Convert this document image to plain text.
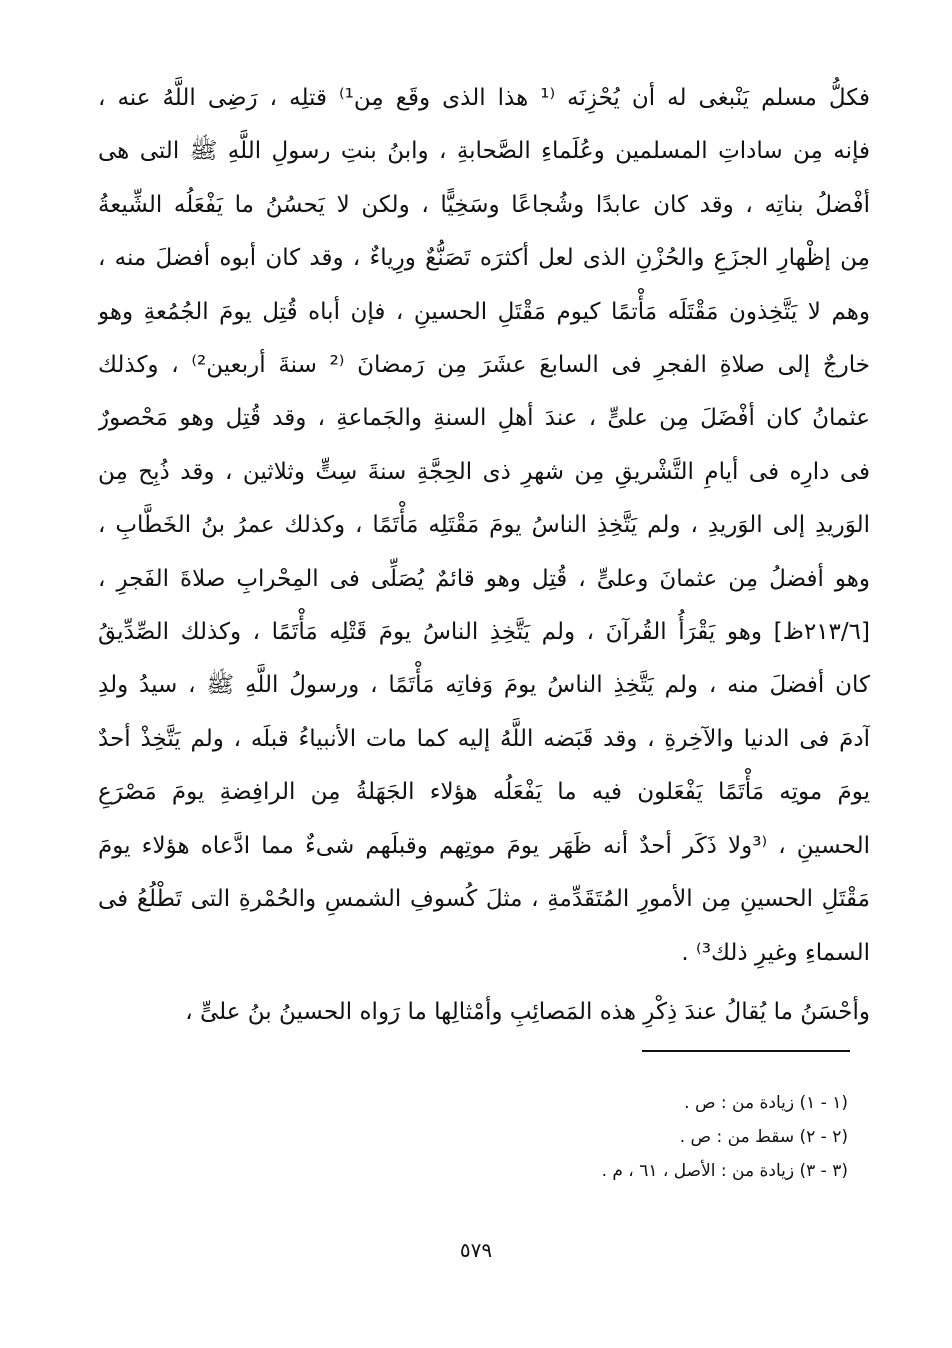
فكلُّ مسلم يَنْبغى له أن يُحْزِنَه ⁽¹ هذا الذى وقَع مِن¹⁾ قتلِه ، رَضِى اللَّهُ عنه ،
فإنه مِن ساداتِ المسلمين وعُلَماءِ الصَّحابةِ ، وابنُ بنتِ رسولِ اللَّهِ ﷺ التى هى
أفْضلُ بناتِه ، وقد كان عابدًا وشُجاعًا وسَخِيًّا ، ولكن لا يَحسُنُ ما يَفْعَلُه الشِّيعةُ
مِن إظْهارِ الجزَعِ والحُزْنِ الذى لعل أكثرَه تَصَنُّعٌ ورِياءٌ ، وقد كان أبوه أفضلَ منه ،
وهم لا يَتَّخِذون مَقْتَلَه مَأْتمًا كيوم مَقْتَلِ الحسينِ ، فإن أباه قُتِل يومَ الجُمُعةِ وهو
خارجٌ إلى صلاةِ الفجرِ فى السابعَ عشَرَ مِن رَمضانَ ⁽² سنةَ أربعين²⁾ ، وكذلك
عثمانُ كان أفْضَلَ مِن علىٍّ ، عندَ أهلِ السنةِ والجَماعةِ ، وقد قُتِل وهو مَحْصورٌ
فى دارِه فى أيامِ التَّشْريقِ مِن شهرِ ذى الحِجَّةِ سنةَ سِتٍّ وثلاثين ، وقد ذُبِح مِن
الوَريدِ إلى الوَريدِ ، ولم يَتَّخِذِ الناسُ يومَ مَقْتَلِه مَأْتَمًا ، وكذلك عمرُ بنُ الخَطَّابِ ،
وهو أفضلُ مِن عثمانَ وعلىٍّ ، قُتِل وهو قائمٌ يُصَلِّى فى المِحْرابِ صلاةَ الفَجرِ ،
[٢١٣/٦ظ] وهو يَقْرَأُ القُرآنَ ، ولم يَتَّخِذِ الناسُ يومَ قَتْلِه مَأْتَمًا ، وكذلك الصِّدِّيقُ
كان أفضلَ منه ، ولم يَتَّخِذِ الناسُ يومَ وَفاتِه مَأْتَمًا ، ورسولُ اللَّهِ ﷺ ، سيدُ ولدِ
آدمَ فى الدنيا والآخِرةِ ، وقد قَبَضه اللَّهُ إليه كما مات الأنبياءُ قبلَه ، ولم يَتَّخِذْ أحدٌ
يومَ موتِه مَأْتَمًا يَفْعَلون فيه ما يَفْعَلُه هؤلاء الجَهَلةُ مِن الرافِضةِ يومَ مَصْرَعِ
الحسينِ ، ⁽³ولا ذَكَر أحدٌ أنه ظَهَر يومَ موتِهم وقبلَهم شىءٌ مما ادَّعاه هؤلاء يومَ
مَقْتَلِ الحسينِ مِن الأمورِ المُتَقَدِّمةِ ، مثلَ كُسوفِ الشمسِ والحُمْرةِ التى تَطْلُعُ فى
السماءِ وغيرِ ذلك³⁾ .
وأحْسَنُ ما يُقالُ عندَ ذِكْرِ هذه المَصائِبِ وأمْثالِها ما رَواه الحسينُ بنُ علىٍّ ،
(١ - ١) زيادة من : ص .
(٢ - ٢) سقط من : ص .
(٣ - ٣) زيادة من : الأصل ، ٦١ ، م .
٥٧٩
